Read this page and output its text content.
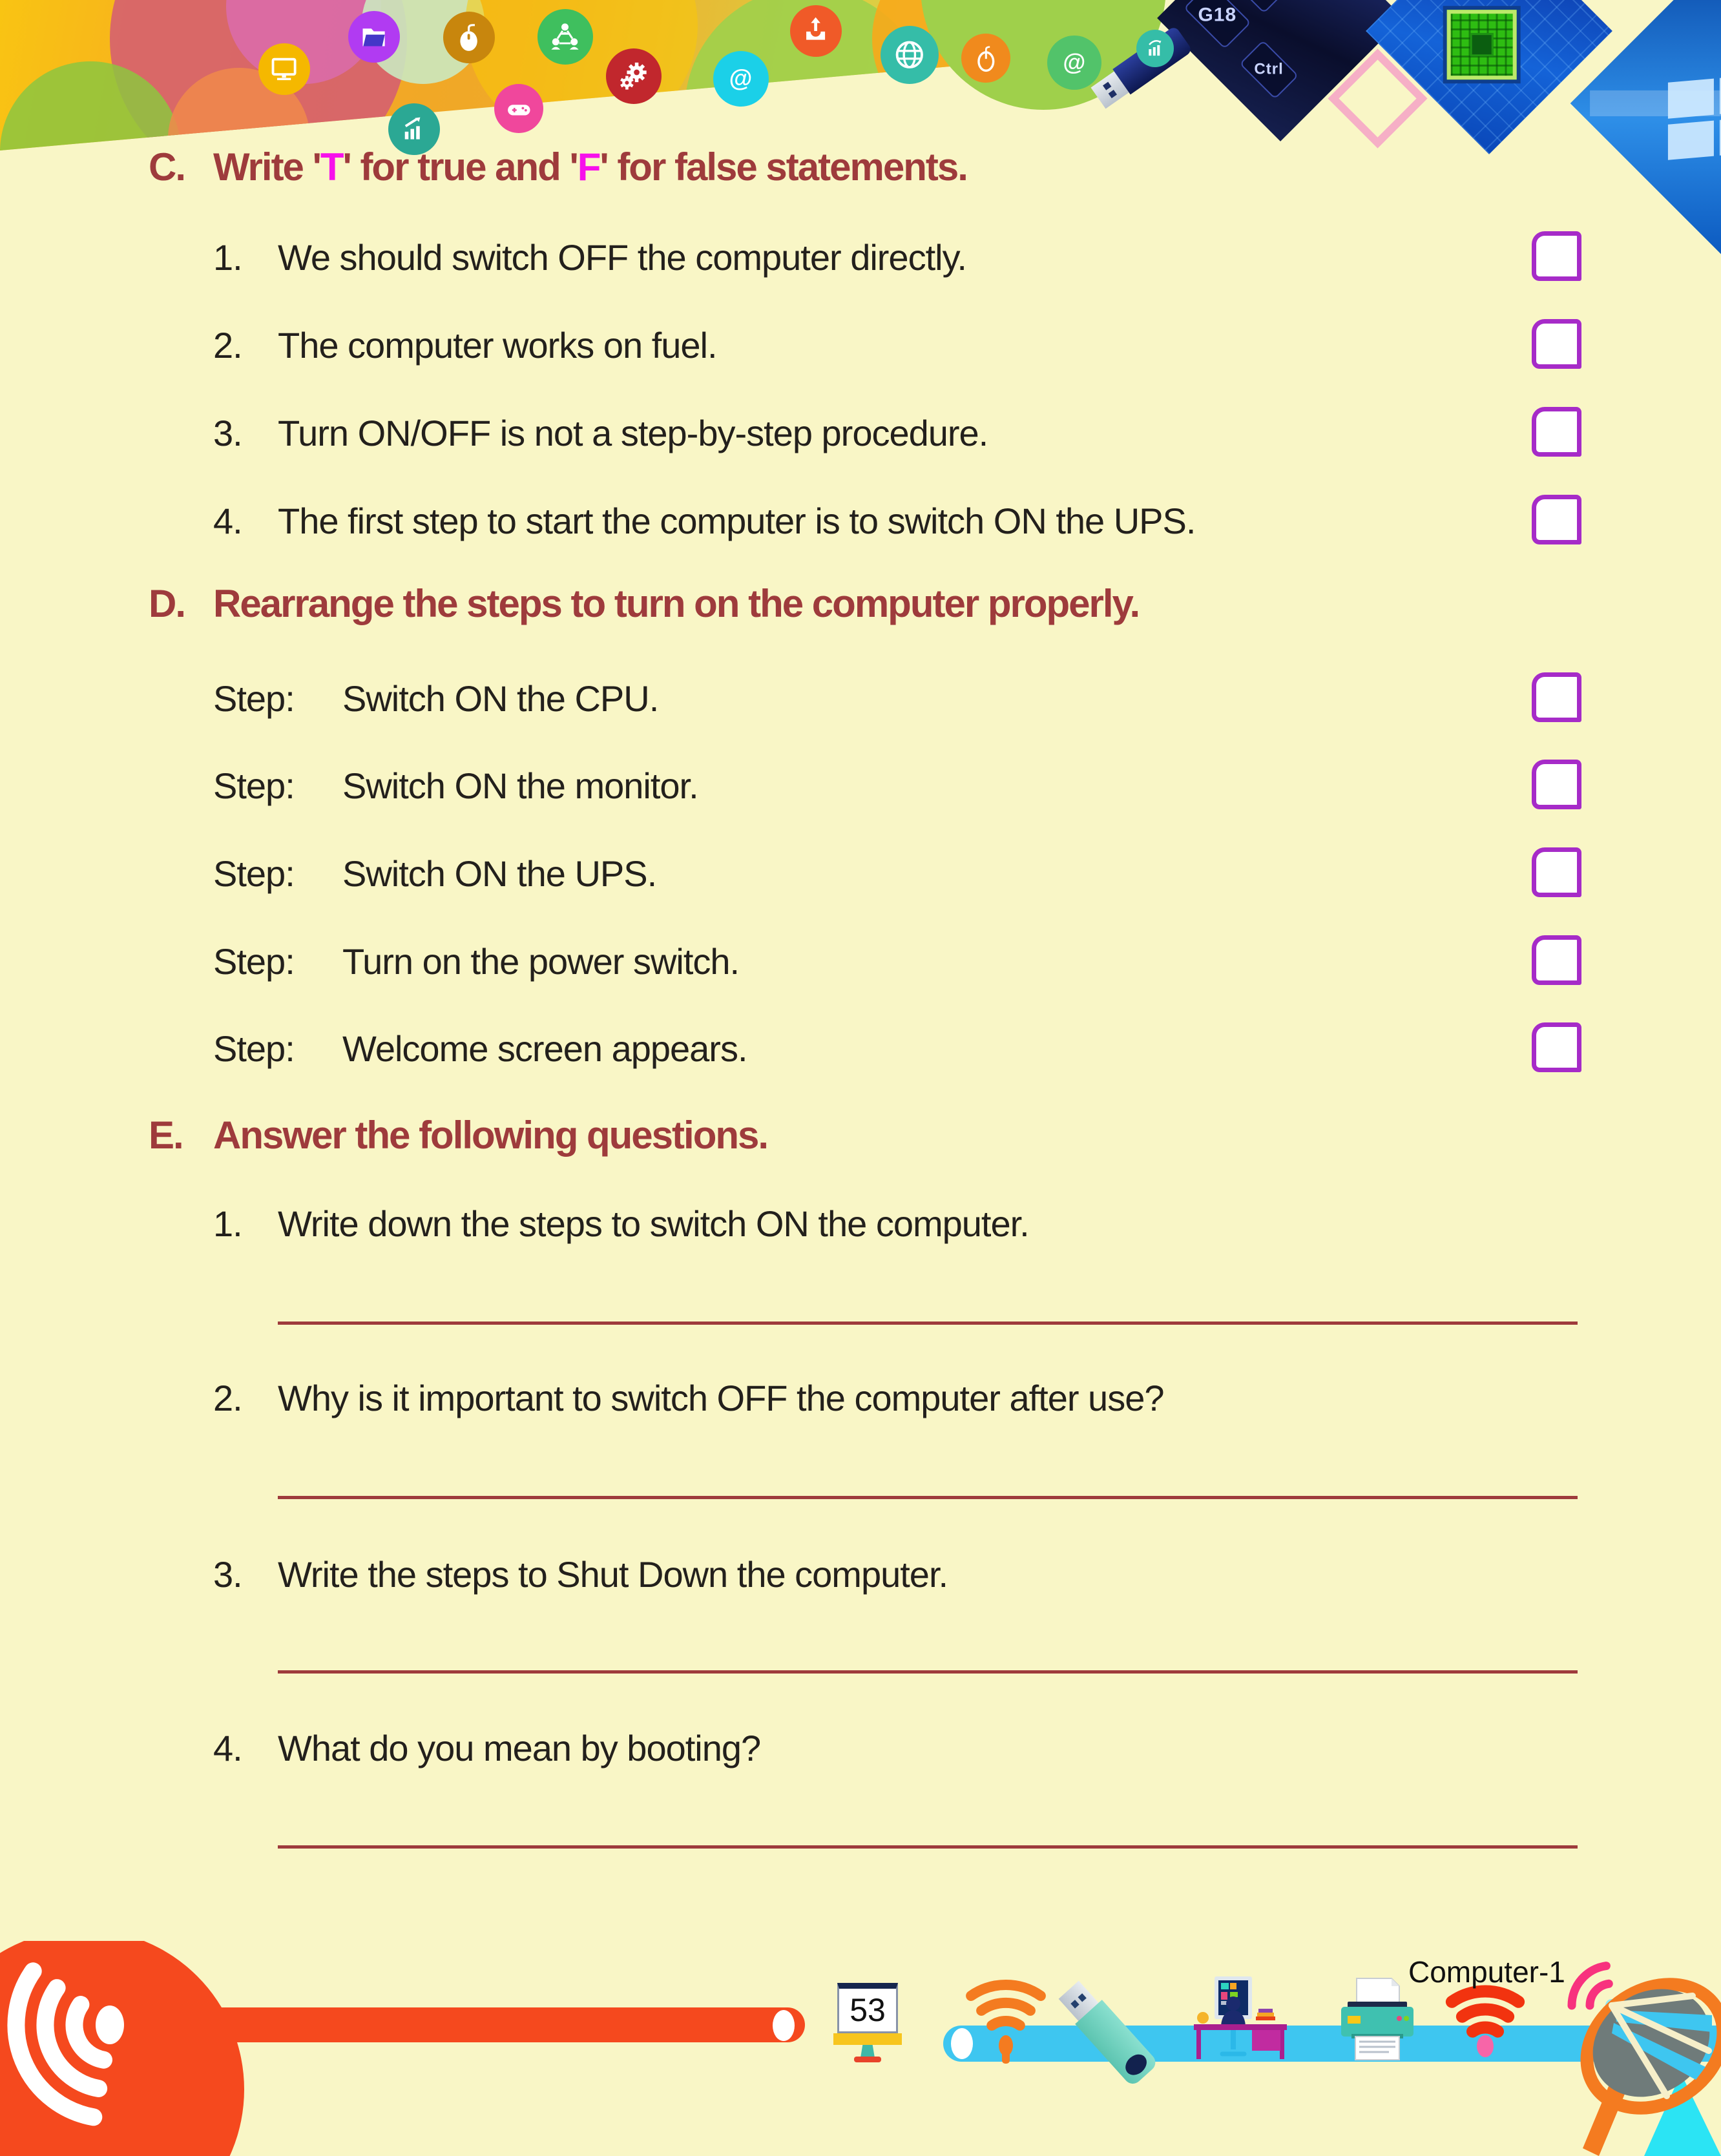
G18
Ctrl
@
@
C. Write 'T' for true and 'F' for false statements.
1. We should switch OFF the computer directly.
2. The computer works on fuel.
3. Turn ON/OFF is not a step-by-step procedure.
4. The first step to start the computer is to switch ON the UPS.
D. Rearrange the steps to turn on the computer properly.
Step: Switch ON the CPU.
Step: Switch ON the monitor.
Step: Switch ON the UPS.
Step: Turn on the power switch.
Step: Welcome screen appears.
E. Answer the following questions.
1. Write down the steps to switch ON the computer.
2. Why is it important to switch OFF the computer after use?
3. Write the steps to Shut Down the computer.
4. What do you mean by booting?
53
Computer-1
